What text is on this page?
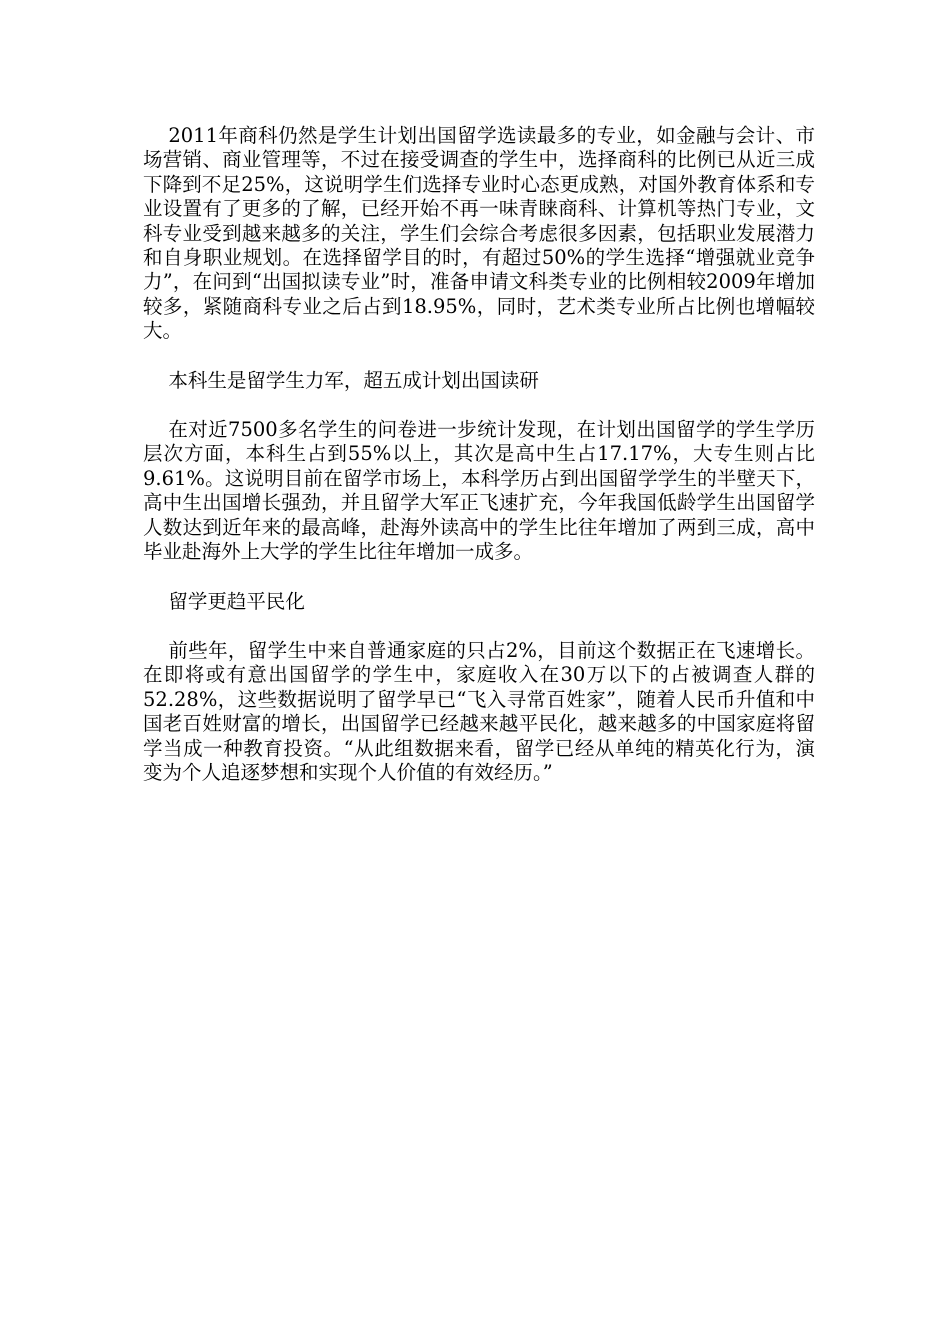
2011年商科仍然是学生计划出国留学选读最多的专业，如金融与会计、市场营销、商业管理等，不过在接受调查的学生中，选择商科的比例已从近三成下降到不足25%，这说明学生们选择专业时心态更成熟，对国外教育体系和专业设置有了更多的了解，已经开始不再一味青睐商科、计算机等热门专业，文科专业受到越来越多的关注，学生们会综合考虑很多因素，包括职业发展潜力和自身职业规划。在选择留学目的时，有超过50%的学生选择“增强就业竞争力”，在问到“出国拟读专业”时，准备申请文科类专业的比例相较2009年增加较多，紧随商科专业之后占到18.95%，同时，艺术类专业所占比例也增幅较大。

本科生是留学生力军，超五成计划出国读研

在对近7500多名学生的问卷进一步统计发现，在计划出国留学的学生学历层次方面，本科生占到55%以上，其次是高中生占17.17%，大专生则占比9.61%。这说明目前在留学市场上，本科学历占到出国留学学生的半壁天下，高中生出国增长强劲，并且留学大军正飞速扩充，今年我国低龄学生出国留学人数达到近年来的最高峰，赴海外读高中的学生比往年增加了两到三成，高中毕业赴海外上大学的学生比往年增加一成多。

留学更趋平民化

前些年，留学生中来自普通家庭的只占2%，目前这个数据正在飞速增长。在即将或有意出国留学的学生中，家庭收入在30万以下的占被调查人群的52.28%，这些数据说明了留学早已“飞入寻常百姓家”，随着人民币升值和中国老百姓财富的增长，出国留学已经越来越平民化，越来越多的中国家庭将留学当成一种教育投资。“从此组数据来看，留学已经从单纯的精英化行为，演变为个人追逐梦想和实现个人价值的有效经历。”
